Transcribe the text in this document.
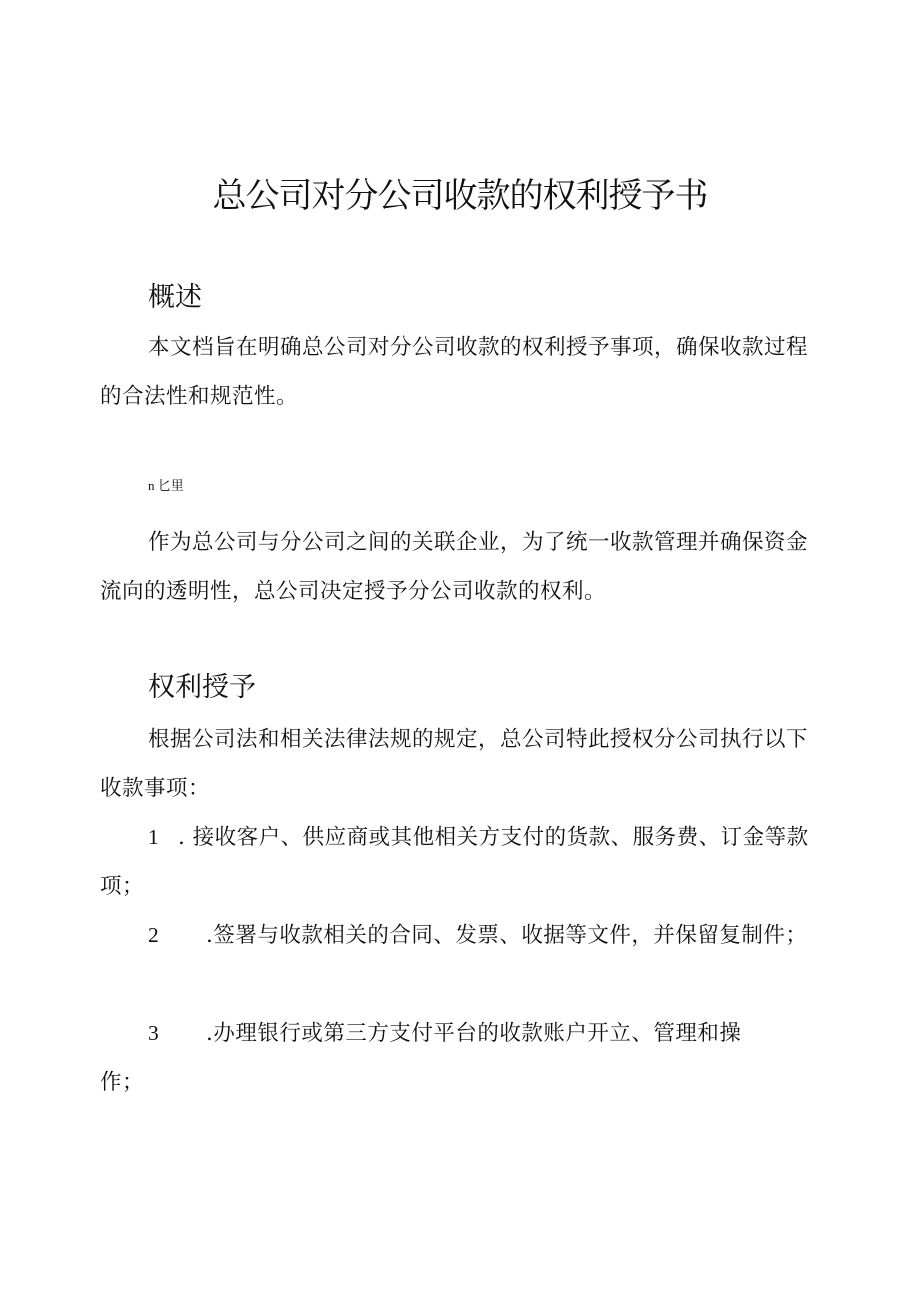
总公司对分公司收款的权利授予书
概述
本文档旨在明确总公司对分公司收款的权利授予事项，确保收款过程的合法性和规范性。
n 匕里
作为总公司与分公司之间的关联企业，为了统一收款管理并确保资金流向的透明性，总公司决定授予分公司收款的权利。
权利授予
根据公司法和相关法律法规的规定，总公司特此授权分公司执行以下收款事项：
1 . 接收客户、供应商或其他相关方支付的货款、服务费、订金等款项；
2 .签署与收款相关的合同、发票、收据等文件，并保留复制件；
3 .办理银行或第三方支付平台的收款账户开立、管理和操作；
